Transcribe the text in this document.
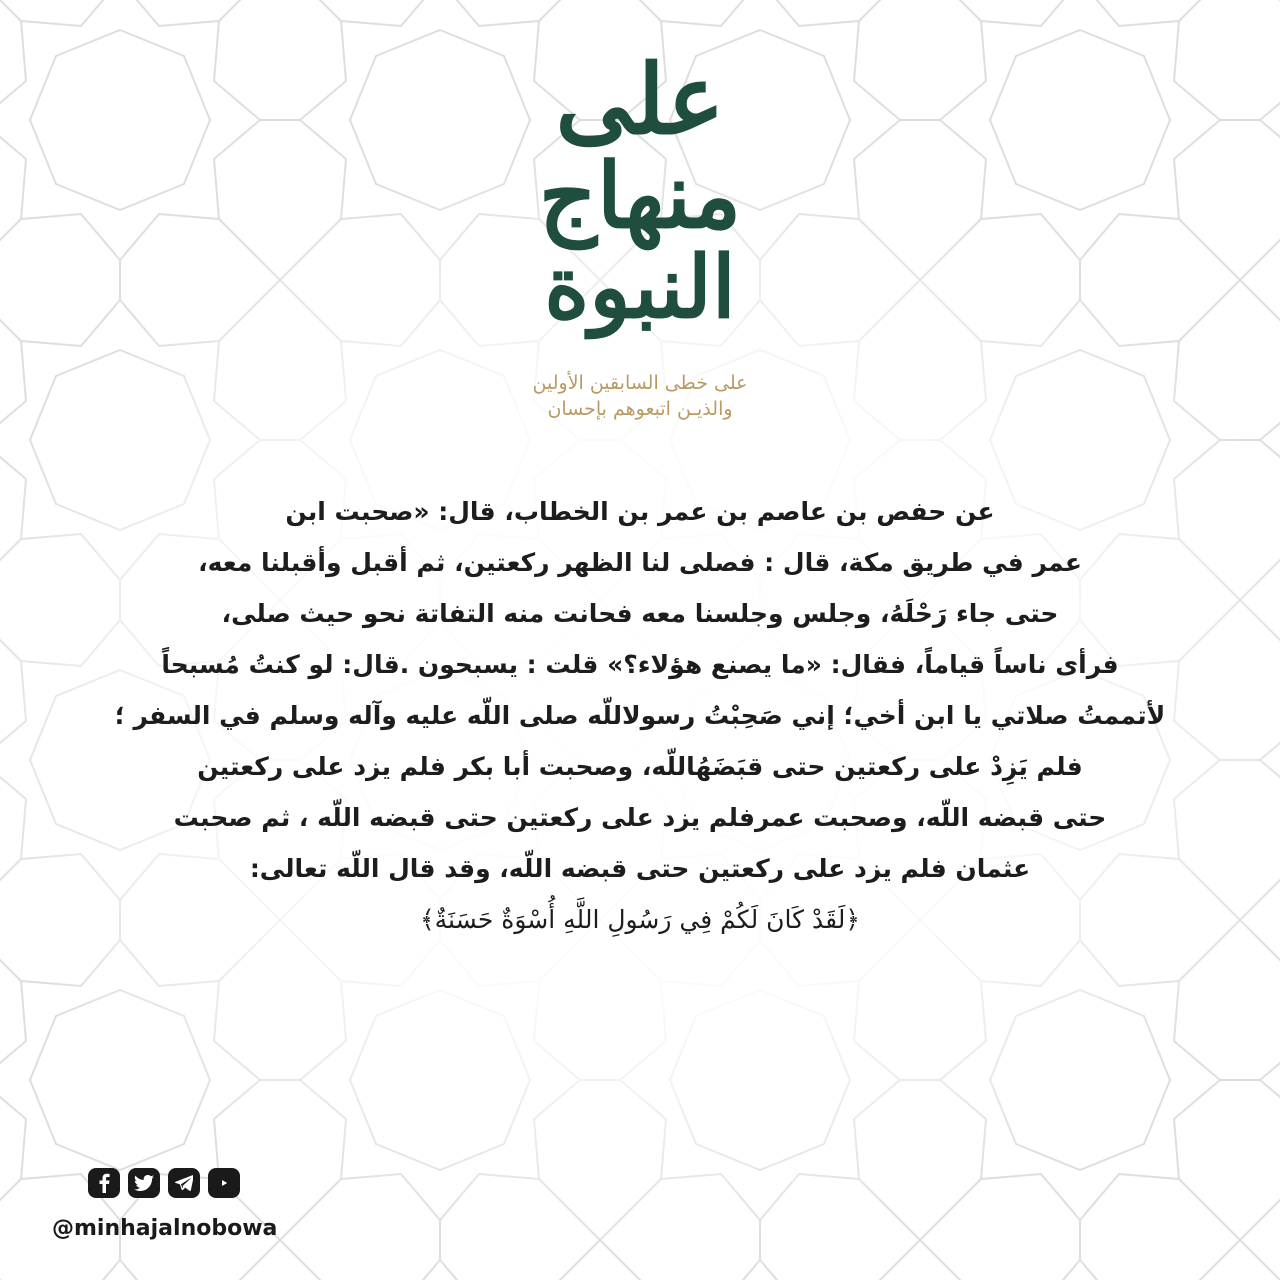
على
منهاج
النبوة
على خطى السابقين الأولين
والذيـن اتبعوهم بإحسان
عن حفص بن عاصم بن عمر بن الخطاب، قال: «صحبت ابن
عمر في طريق مكة، قال : فصلى لنا الظهر ركعتين، ثم أقبل وأقبلنا معه،
حتى جاء رَحْلَهُ، وجلس وجلسنا معه فحانت منه التفاتة نحو حيث صلى،
فرأى ناساً قياماً، فقال: «ما يصنع هؤلاء؟» قلت : يسبحون .قال: لو كنتُ مُسبحاً
لأتممتُ صلاتي يا ابن أخي؛ إني صَحِبْتُ رسولاللّه صلى اللّه عليه وآله وسلم في السفر ؛
فلم يَزِدْ على ركعتين حتى قبَضَهُاللّه، وصحبت أبا بكر فلم يزد على ركعتين
حتى قبضه اللّه، وصحبت عمرفلم يزد على ركعتين حتى قبضه اللّه ، ثم صحبت
عثمان فلم يزد على ركعتين حتى قبضه اللّه، وقد قال اللّه تعالى:
﴿لَقَدْ كَانَ لَكُمْ فِي رَسُولِ اللَّهِ أُسْوَةٌ حَسَنَةٌ﴾
@minhajalnobowa
